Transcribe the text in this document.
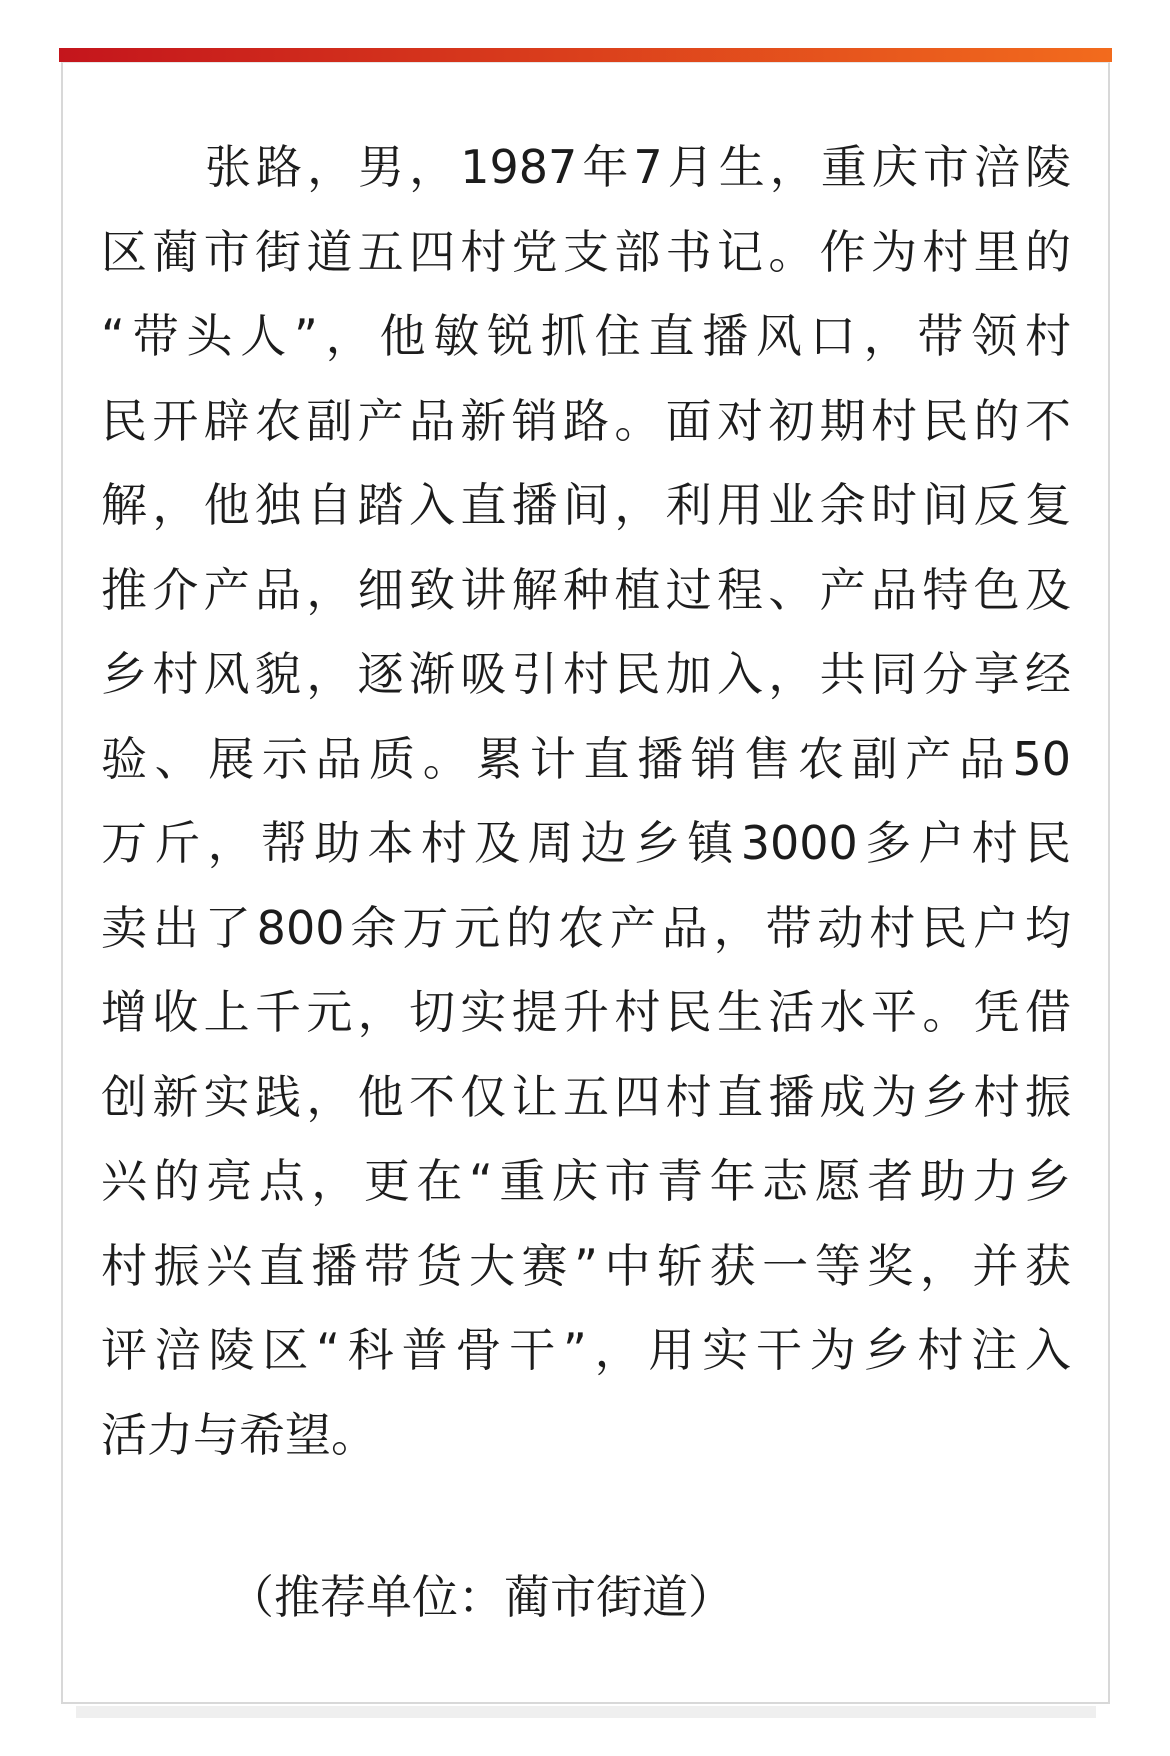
张路，男，1987年7月生，重庆市涪陵
区蔺市街道五四村党支部书记。作为村里的
“带头人”，他敏锐抓住直播风口，带领村
民开辟农副产品新销路。面对初期村民的不
解，他独自踏入直播间，利用业余时间反复
推介产品，细致讲解种植过程、产品特色及
乡村风貌，逐渐吸引村民加入，共同分享经
验、展示品质。累计直播销售农副产品50
万斤，帮助本村及周边乡镇3000多户村民
卖出了800余万元的农产品，带动村民户均
增收上千元，切实提升村民生活水平。凭借
创新实践，他不仅让五四村直播成为乡村振
兴的亮点，更在“重庆市青年志愿者助力乡
村振兴直播带货大赛”中斩获一等奖，并获
评涪陵区“科普骨干”，用实干为乡村注入
活力与希望。
（推荐单位：蔺市街道）
